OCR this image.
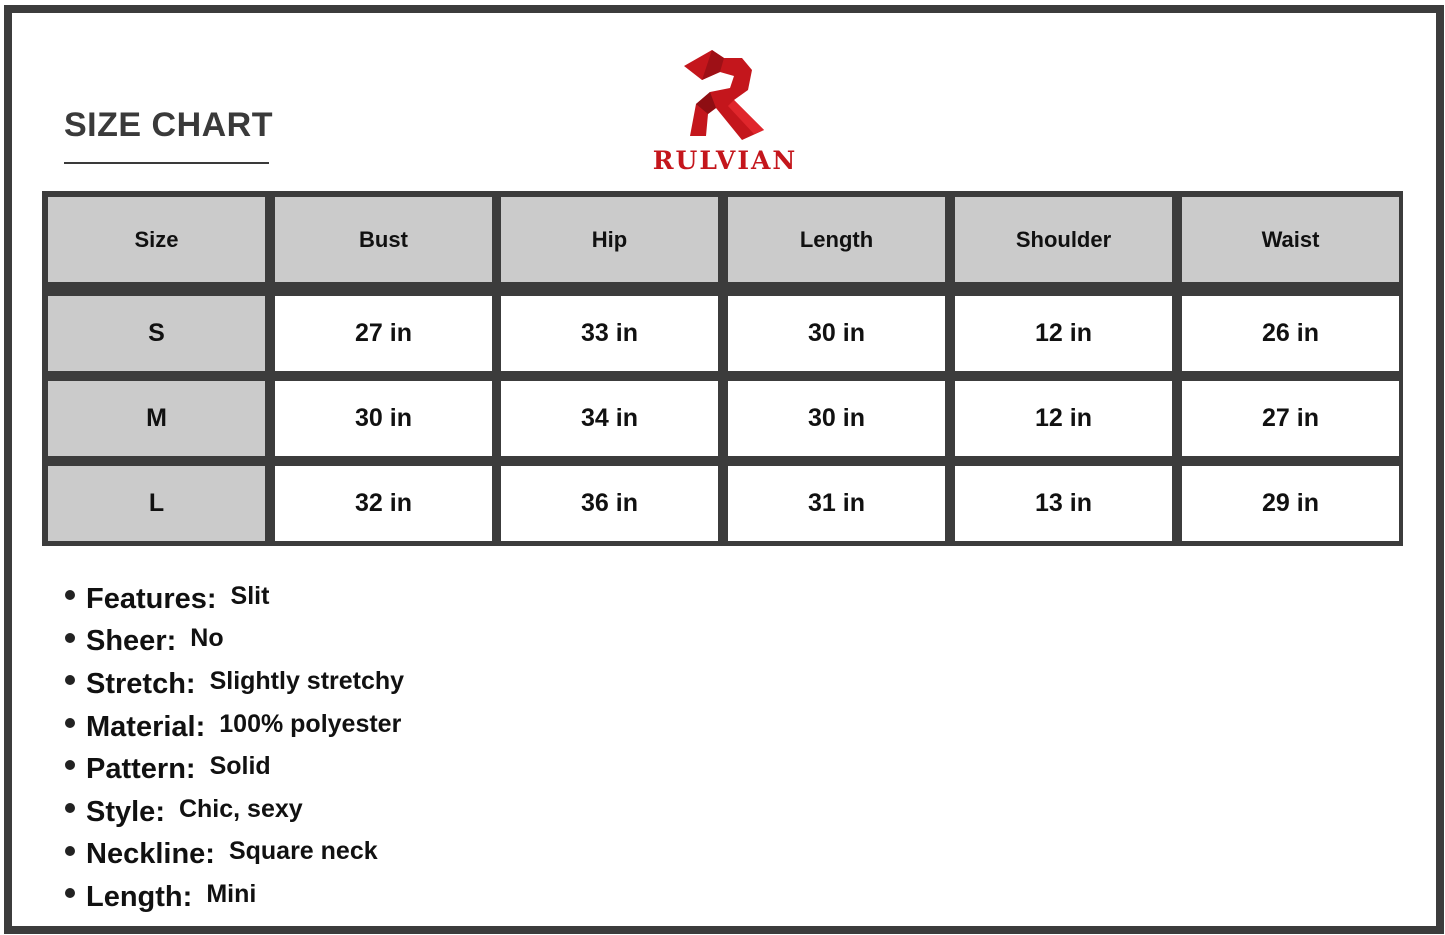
SIZE CHART
RULVIAN
Size	Bust	Hip	Length	Shoulder	Waist
S	27 in	33 in	30 in	12 in	26 in
M	30 in	34 in	30 in	12 in	27 in
L	32 in	36 in	31 in	13 in	29 in
Features: Slit
Sheer: No
Stretch: Slightly stretchy
Material: 100% polyester
Pattern: Solid
Style: Chic, sexy
Neckline: Square neck
Length: Mini
